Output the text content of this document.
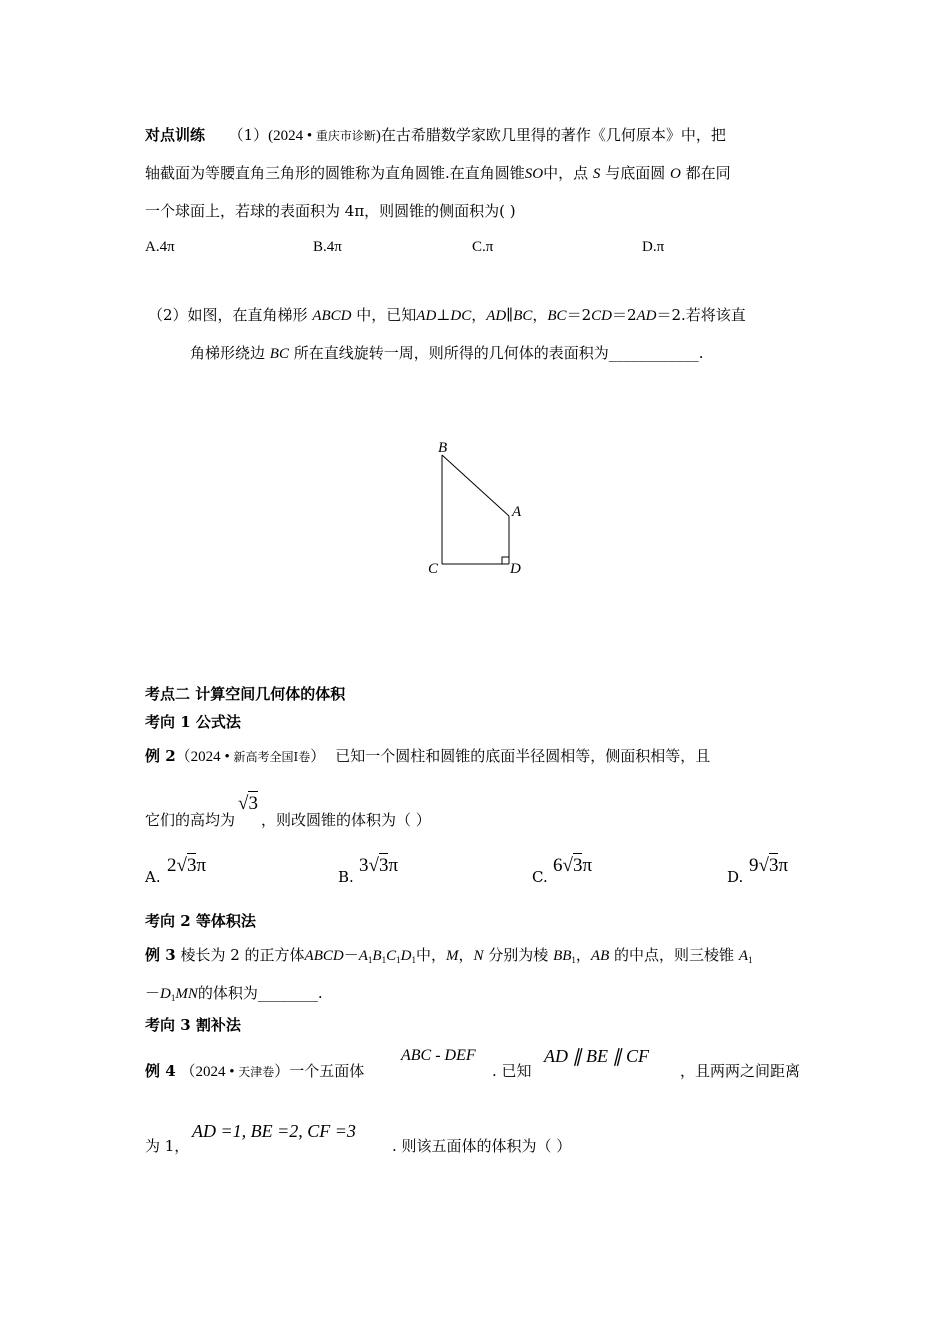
对点训练 （1）(2024 • 重庆市诊断)在古希腊数学家欧几里得的著作《几何原本》中，把
轴截面为等腰直角三角形的圆锥称为直角圆锥.在直角圆锥SO中，点 S 与底面圆 O 都在同
一个球面上，若球的表面积为 4π，则圆锥的侧面积为( )
A.4π	B.4π	C.π	D.π
（2）如图，在直角梯形 ABCD 中，已知AD⊥DC，AD∥BC，BC＝2CD＝2AD＝2.若将该直
角梯形绕边 BC 所在直线旋转一周，则所得的几何体的表面积为____________.
B
A
C	D
考点二 计算空间几何体的体积
考向 1 公式法
例 2（2024 • 新高考全国Ⅰ卷） 已知一个圆柱和圆锥的底面半径圆相等，侧面积相等，且
它们的高均为√3，则改圆锥的体积为（ ）
A.
2√3π
B.
3√3π
C.
6√3π
D.
9√3π
考向 2 等体积法
例 3 棱长为 2 的正方体$ABCD-A_1B_1C_1D_1$中，M，N 分别为棱 $BB_1$，AB 的中点，则三棱锥 $A_1$
$-D_1MN$的体积为________.
考向 3 割补法
例 4 （2024 • 天津卷）一个五面体
ABC - DEF
. 已知
AD ∥ BE ∥ CF
，且两两之间距离
为 1，
AD =1, BE =2, CF =3
. 则该五面体的体积为（ ）
